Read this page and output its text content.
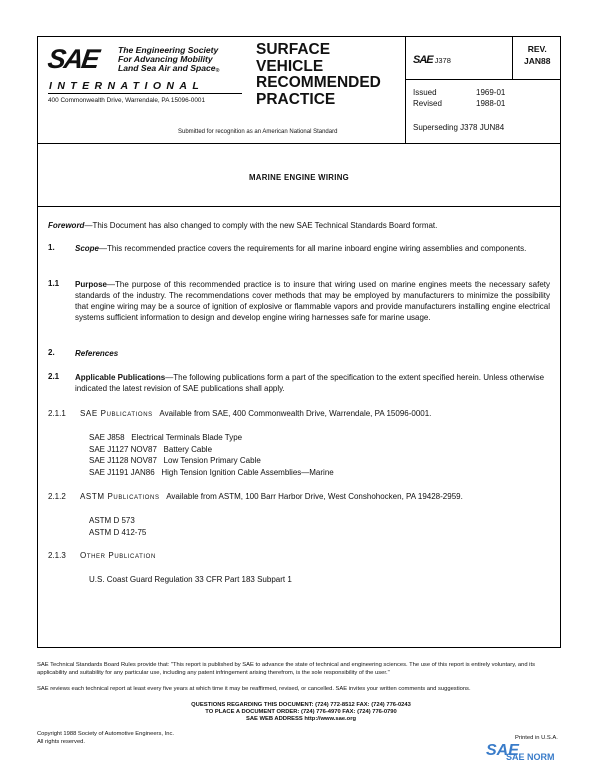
SAE The Engineering Society
For Advancing Mobility
Land Sea Air and Space®
INTERNATIONAL
400 Commonwealth Drive, Warrendale, PA 15096-0001
SURFACE
VEHICLE
RECOMMENDED
PRACTICE
Submitted for recognition as an American National Standard
SAE J378
REV.
JAN88
Issued	1969-01
Revised	1988-01
Superseding J378 JUN84
MARINE ENGINE WIRING
Foreword—This Document has also changed to comply with the new SAE Technical Standards Board format.
1.	Scope—This recommended practice covers the requirements for all marine inboard engine wiring assemblies and components.
1.1 Purpose—The purpose of this recommended practice is to insure that wiring used on marine engines meets the necessary safety standards of the industry. The recommendations cover methods that may be employed by manufacturers to minimize the possibility that engine wiring may be a source of ignition of explosive or flammable vapors and provide manufacturers installing engine electrical systems sufficient information to design and develop engine wiring harnesses safe for marine usage.
2.	References
2.1 Applicable Publications—The following publications form a part of the specification to the extent specified herein. Unless otherwise indicated the latest revision of SAE publications shall apply.
2.1.1 SAE Publications Available from SAE, 400 Commonwealth Drive, Warrendale, PA 15096-0001.
SAE J858   Electrical Terminals Blade Type
SAE J1127 NOV87   Battery Cable
SAE J1128 NOV87   Low Tension Primary Cable
SAE J1191 JAN86   High Tension Ignition Cable Assemblies—Marine
2.1.2 ASTM Publications Available from ASTM, 100 Barr Harbor Drive, West Conshohocken, PA 19428-2959.
ASTM D 573
ASTM D 412-75
2.1.3 Other Publication
U.S. Coast Guard Regulation 33 CFR Part 183 Subpart 1
SAE Technical Standards Board Rules provide that: "This report is published by SAE to advance the state of technical and engineering sciences. The use of this report is entirely voluntary, and its applicability and suitability for any particular use, including any patent infringement arising therefrom, is the sole responsibility of the user."
SAE reviews each technical report at least every five years at which time it may be reaffirmed, revised, or cancelled. SAE invites your written comments and suggestions.
QUESTIONS REGARDING THIS DOCUMENT: (724) 772-8512 FAX: (724) 776-0243
TO PLACE A DOCUMENT ORDER: (724) 776-4970 FAX: (724) 776-0790
SAE WEB ADDRESS http://www.sae.org
Copyright 1988 Society of Automotive Engineers, Inc.
All rights reserved.
Printed in U.S.A.
SAE
SAE NORM
